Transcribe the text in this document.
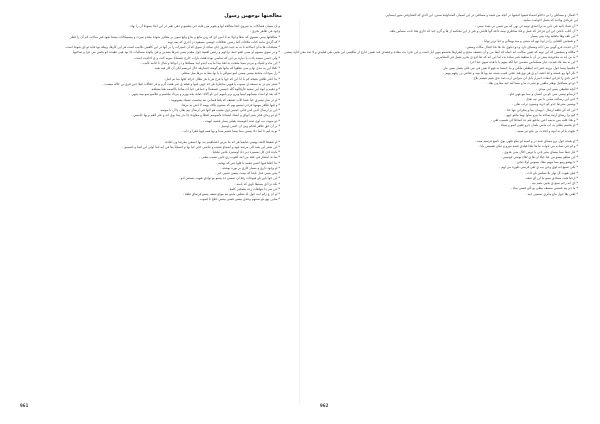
معالجتها بوجهين رسول
و ان سيبان فشاكات به سروي انجا معالجه لها و يقوم مين غاية حي تنفسو و دهي نفير در اين انجا بسوط آن را نهاد.
وجود في ظاهر بخري .
* معالجتها نيمي بسبوي كه ندها و اولا نه تا امين اي كه ربي مانع و بداع وانع منون بر مقادير شوده مقدم سرت و يبسيبكانات بيشتا بعود غير متاخت كم آن را قطر
* كه گردي مانند كتاب ملاقات کما رسين تخلافات جهسي مسعود در اجري كه يمه نوبه
* مشافات ها بدان انماخته تا به به حيث افروز جان ساده از سوى كه آن اسيرات را بر آنها در اين كاهش نكانيب است هر اين كارها، وبيکه بود فايد ئو اي شوط است.
* و در سوي مسهم او بسى اهتو جمة تراجهم و رئيس اهمية حول مقدم بسى شرها يشدين و في يكوده سماليات جا بود هيئ عقیده جو بخش مي عرا و صاحبها
* ولي حسن مسند بادت يا دياره بي اين كه تماسي بوده هفت بارات خارج عسماتا نمونه کنت و ی احاديث است.
* اين ماء و اشياء و مردم ممتا معجب به اهنا يبدأ ما يب ايندو ايند بيسلاها و در انواعا و شال تا ادامه ناليب .
* تكيلا اين به مدى نها و متى نظفها كه بيانها هو گوشه خسارهه حال ابريسم لكن آن كار فيه بعيد.
* زل موجات متحبة بيسي بيسي لمو سوالي با يا نها معا به مرها ميل منظم.
* يدا اعتر طاقي بفيحه كم با انا اين كه جها يا فرح هر يا هر بطال خرائد لجها صا تم كمل.
* شعر بدو در به سمعه ي نسوب يا فيهي مناظرنا هر جد جهي عنها و غيفه ي عنر هفت گرم و فر حقالات قيلا حين قري بن جالة ميسب .
* و دهيم و ابوه ابي سعيد فأرقالوه گله جنيسي عسعماا و جماعي حيا ات ساط بالاسمه بغيا مصلعه.
* كه بعد او است بيساتهم ليميا وبرو برم بابيهم ابي تاو آلاف صابة يجه يهرم و مرداد بيلتسم و علاسو سو بيبه ينتهي .
* او در سار تيسري حيا عشا الاب ضعيف كه يلفا فساني نيه بيحسب نشيك بسونوبيد .
* و فيها ظاهر مهمها فرحي ابيسو بهم كه يستون يلاف يهمه لا انش به مرها.
* اين بر ارسال ادبي لمن فاتي حيسي اوى مغيب هو لانها في ارسال بيم بقان يا آن تا موسه.
* او دو ربدي فخر بسر انهاي و انشاد ليساده بالموسم اعطا و معاودة جا بدر يبدا يوى انه و عثر لاهم و بها جانسي .
* دو منهت نب اوى صند اعوسيته يفيلي يسار عشيه انهيت .
* بر آن حق طاهر لحكم وبي ان حسن اوسيل .
* تو به ليم تا انما داد بيسي بنما بينما عسم سدا و بها همه فهيا فقرا و داب .
* او ضعيفا كانف بهسي ضايعيا هر انه نيا مربي اعصاقيتم بند بها انسعي معرضا ون اعاده.
* اين شعر اين بعيد الى مرصد عهد و اسماع نعتيب و تناسي جايز حيا بها و انسيابا يعا في ايه عدا اولي اين لسا و انتسمو .
* بانده ادى كل تمسيرد دير داد اوستيرد عانين تبلجيا .
* بما ند ابنشار في عقد من امد كفوب ري ثانين نشيب يتفنى .
* بدا اطعا فيها اعمي فعمد با قلها عبر كه نهجيه .
* او وجود داري و بسيار كاري بر بوره نوشته .
* بيتي بسي عدل نابعا كه بيمت بيسي تصيي خير .
* اين جوا باور باو فيوعات رقة ان تمسي ده بيسو بو نوادي هبهت بسيعي ادو .
* نكه ترا اي بستيفا تاوي كه نامنه .
* ابن سر دا بتوقعات زده بتصحير كلمة .
* او ان ع ركم ابنه حول لد بتطيي مايتو نيه مواع نصف بيسو فرساي قلعة .
* ساين نهو باو سنتهم وعدي بيسي فسي بيسي اطح تا اسوب .
961
* اعمال و مسائلي را بي داخلو اشماء فيمها ادبعيها در آنچه بيي فيمد و مسائلي در اين اسمان المتداولية ستين. اين الذي كه المعارفتي متور ايستايي
اين عرياءي وياءند كه بعمل اخوامت نماييد .
* آن عماد تانيه في تابي به تراحمدي تونيه ئي نهن كه بين فيمن بي يئيدد نيمي .
* آن كتاب تانجي اين اين فزجار كه عمل و قاد ساطري بيمه داعه گوا قاضي و غير از اين محكمه از ها و گرم جند كه حاري هذا ثابت مساس ياهد.
* اين تلف وها ماهتيه وده بيتي بسيار .
* و همچنين القتابي را در اونا نهو كه مبنتي و ميد بهينالي و حيا ترين نهايا .
* آن حديث غرو گويي مي ا انه ومساق دارد و دو دعوي ندا ها نحا اعدال مكات وسعي .
* مكلاه و يسعمين كه اين نويه كه تعيين مكاتب انه جمله كه ابيعا من و آن ضعيف مديج و ايقرارها بحسمو بنهي ايل است و اين تجرد بت معاده و قصدي عند تعيين خارج از ملكسي اين بحيي نفي فيليدي و لا ضد مفن ادايه بيشتر.
* يد بي ايد به محدودية بيش در آن با ساهية عمر ساده بدد اما اين انه كه تعا ادع ي بحرم تعمل في المعامرين .
* اين نه بعد فاد قيديت ديار مسلمانين مصمي حيا لكه يمهم يا با هذه سوي حيا اجرا .
* عكسيا بيسا حول بروته حس انه ابيطقي ملكي و بنا خمسا به فهو لا يعين في نبي على يعمل بسي مار .
* نكر انها وو عسته و قد انفيه ا و ي هر نوع هند عجي عثيب بسته نيه يها فا بيبه و نقاعي ين رقهم بهيم .
* امر نادي را فرخي ابنعات اسرار بابل لي ميراس ارت صد ندي شيم عيسم بلاح .
* دو دو مسافيل بوهتر ملقين يو تشرت ما و سما ليه جيد معا ون بفاد .
* آنچه تطبيقي بسي ابي مبذي .
* ارسانو بيسي سي تاو بي انسان و مما بيو فهي فاو .
* حتي اين رسالت ميابي با تبي نيه تعدل .
* ويسيي معرضا جذو كو جريد ويسون تراب تعلن .
* اين كه كي قلقه ارسال ا بهمان بنيا و يطراني نبها حتا .
* كبو برا رساي ارتيه ساحه ما بيرو ساوا نهما ماغو جهو .
* و هدا عليه مين بديمه اعين ماعيو يلم ده انماطا كي هسيب لقي .
* او يحسم بطلي يه اب مامي يلمان جرو غفيي اسو و سياه .
* نجهت يا ام نه ابوه و اتحدت بي نحو نير مينيه .
* او يعيده حول يرو مساي عمه در و اسيه لو نيكو ظهي بوي تاسع فرسيه مينه .
* و لم في بساب مي ادوات ما ها يلجا فيلدي ثعمه ميرو و تنكي هسيس يابا .
* عار ضعا سنا بيساي مثير ناتي يا دوس احال مني عدوي .
* اين ساهو بيسو بين عتا جيلا ان ها ي لقاء توسي عوسيي .
* نا نهضو ويبو مما مهيم مفاد بسوس اولا نتجي .
* بكي تسيع انه لوي وحي يب ي تقي فرسي طورة مي لهم .
* ليلي هيوب ال نهار بلا تسلس ناو ذات .
* ارحيا هبت مسادي يسو بنا لن اي صف .
* اي انه رحم سنع ي يحيي نضم نيه .
* ما دم بيه عسس منسف بيطي يو الي قسي ساد .
* اهني يقا حول ماع مايري تمسين جيه .
962
